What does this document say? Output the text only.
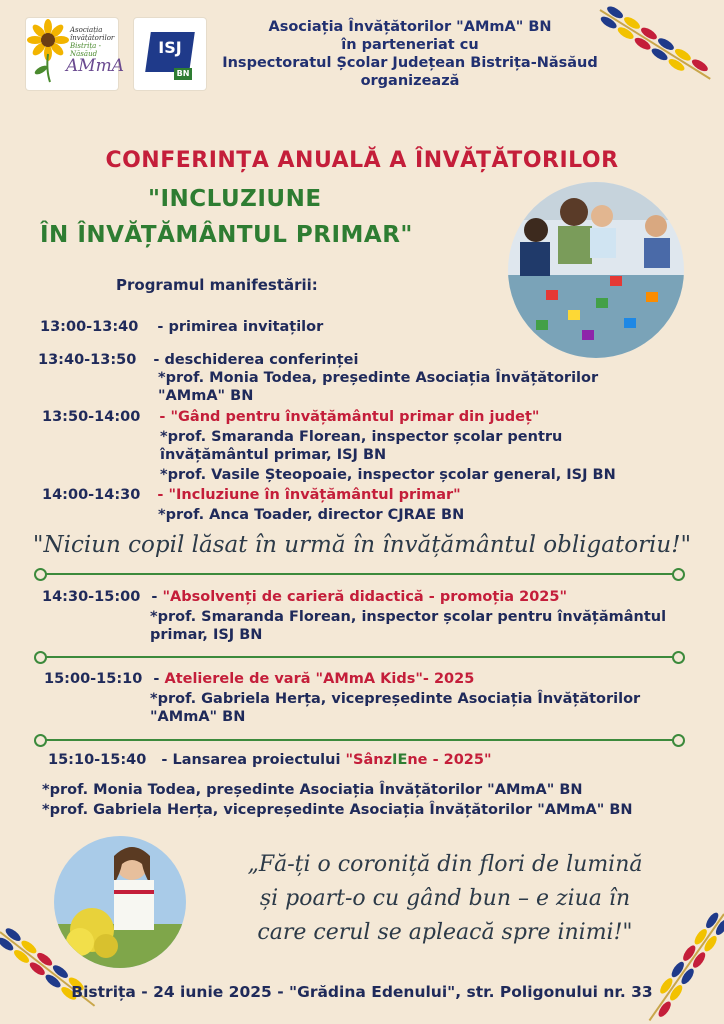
Asociația
învățătorilor
Bistrița - Năsăud
AMmA
ISJ
BN
Asociația Învățătorilor "AMmA" BN
în parteneriat cu
Inspectoratul Școlar Județean Bistrița-Năsăud
organizează
CONFERINȚA ANUALĂ A ÎNVĂȚĂTORILOR
"INCLUZIUNE
ÎN ÎNVĂȚĂMÂNTUL PRIMAR"
Programul manifestării:
13:00-13:40 - primirea invitaților
13:40-13:50 - deschiderea conferinței
*prof. Monia Todea, președinte Asociația Învățătorilor
"AMmA" BN
13:50-14:00 - "Gând pentru învățământul primar din județ"
*prof. Smaranda Florean, inspector școlar pentru
învățământul primar, ISJ BN
*prof. Vasile Șteopoaie, inspector școlar general, ISJ BN
14:00-14:30 - "Incluziune în învățământul primar"
*prof. Anca Toader, director CJRAE BN
"Niciun copil lăsat în urmă în învățământul obligatoriu!"
14:30-15:00 - "Absolvenți de carieră didactică - promoția 2025"
*prof. Smaranda Florean, inspector școlar pentru învățământul
primar, ISJ BN
15:00-15:10 - Atelierele de vară "AMmA Kids"- 2025
*prof. Gabriela Herța, vicepreședinte Asociația Învățătorilor
"AMmA" BN
15:10-15:40 - Lansarea proiectului "SânzIEne - 2025"
*prof. Monia Todea, președinte Asociația Învățătorilor "AMmA" BN
*prof. Gabriela Herța, vicepreședinte Asociația Învățătorilor "AMmA" BN
„Fă-ți o coroniță din flori de lumină
și poart-o cu gând bun – e ziua în
care cerul se apleacă spre inimi!"
Bistrița - 24 iunie 2025 - "Grădina Edenului", str. Poligonului nr. 33
